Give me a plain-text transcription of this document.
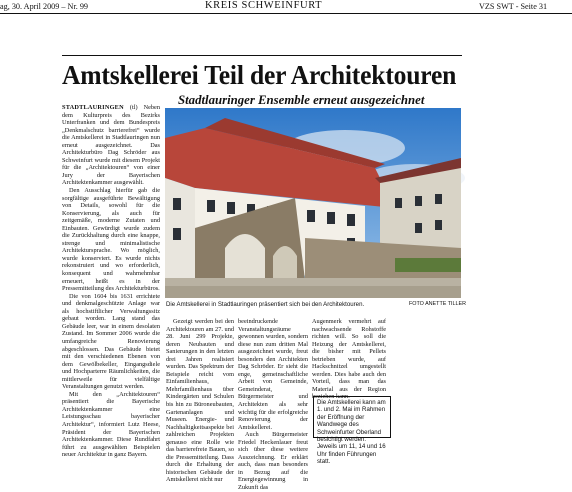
ag, 30. April 2009 – Nr. 99	KREIS SCHWEINFURT	VZS SWT - Seite 31
Amtskellerei Teil der Architektouren
Stadtlauringer Ensemble erneut ausgezeichnet

STADTLAURINGEN (tl) Neben dem Kulturpreis des Bezirks Unterfranken und dem Bundespreis „Denkmalschutz barrierefrei“ wurde die Amtskellerei in Stadtlauringen nun erneut ausgezeichnet. Das Architekturbüro Dag Schröder aus Schweinfurt wurde mit diesem Projekt für die „Architektouren“ von einer Jury der Bayerischen Architektenkammer ausgewählt.

Den Ausschlag hierfür gab die sorgfältige ausgeführte Bewältigung von Details, sowohl für die Konservierung, als auch für zeitgemäße, moderne Zutaten und Einbauten. Gewürdigt wurde zudem die Zurückhaltung durch eine knappe, strenge und minimalistische Architektursprache. Wo möglich, wurde konserviert. Es wurde nichts rekonstruiert und wo erforderlich, konsequent und wahrnehmbar erneuert, heißt es in der Pressemitteilung des Architekturbüros.

Die von 1604 bis 1631 errichtete und denkmalgeschützte Anlage war als hochstiftlicher Verwaltungssitz gebaut worden. Lang stand das Gebäude leer, war in einem desolaten Zustand. Im Sommer 2006 wurde die umfangreiche Renovierung abgeschlossen. Das Gebäude bietet mit den verschiedenen Ebenen von dem Gewölbekeller, Eingangsdiele und Hochparterre Räumlichkeiten, die mittlerweile für vielfältige Veranstaltungen genutzt werden.

Mit den „Architektouren“ präsentiert die Bayerische Architektenkammer eine Leistungsschau bayerischer Architektur“, informiert Lutz Heese, Präsident der Bayerischen Architektenkammer. Diese Rundfahrt führt zu ausgewählten Beispielen neuer Architektur in ganz Bayern.

Die Amtskellerei in Stadtlauringen präsentiert sich bei den Architektouren.	FOTO ANETTE TILLER

Gezeigt werden bei den Architektouren am 27. und 28. Juni 299 Projekte, deren Neubauten und Sanierungen in den letzten drei Jahren realisiert wurden. Das Spektrum der Beispiele reicht vom Einfamilienhaus, Mehrfamilienhaus über Kindergärten und Schulen bis hin zu Büroneubauten, Gartenanlagen und Museen. Energie- und Nachhaltigkeitsaspekte bei zahlreichen Projekten genauso eine Rolle wie das barrierefreie Bauen, so die Pressemitteilung. Dass durch die Erhaltung der historischen Gebäude der Amtskellerei nicht nur

beeindruckende Veranstaltungsräume gewonnen wurden, sondern diese nun zum dritten Mal ausgezeichnet wurde, freut besonders den Architekten Dag Schröder. Er sieht die enge, gemeinschaftliche Arbeit von Gemeinde, Gemeinderat, Bürgermeister und Architekten als sehr wichtig für die erfolgreiche Renovierung der Amtskellerei.

Auch Bürgermeister Friedel Heckenlauer freut sich über diese weitere Auszeichnung. Er erklärt auch, dass man besonders in Bezug auf die Energiegewinnung in Zukunft das

Augenmerk vermehrt auf nachwachsende Rohstoffe richten will. So soll die Heizung der Amtskellerei, die bisher mit Pellets betrieben wurde, auf Hackschnitzel umgestellt werden. Dies habe auch den Vorteil, dass man das Material aus der Region beziehen kann.

Die Amtskellerei kann am 1. und 2. Mai im Rahmen der Eröffnung der Wandwege des Schweinfurter Oberland besichtigt werden. Jeweils um 11, 14 und 16 Uhr finden Führungen statt.
